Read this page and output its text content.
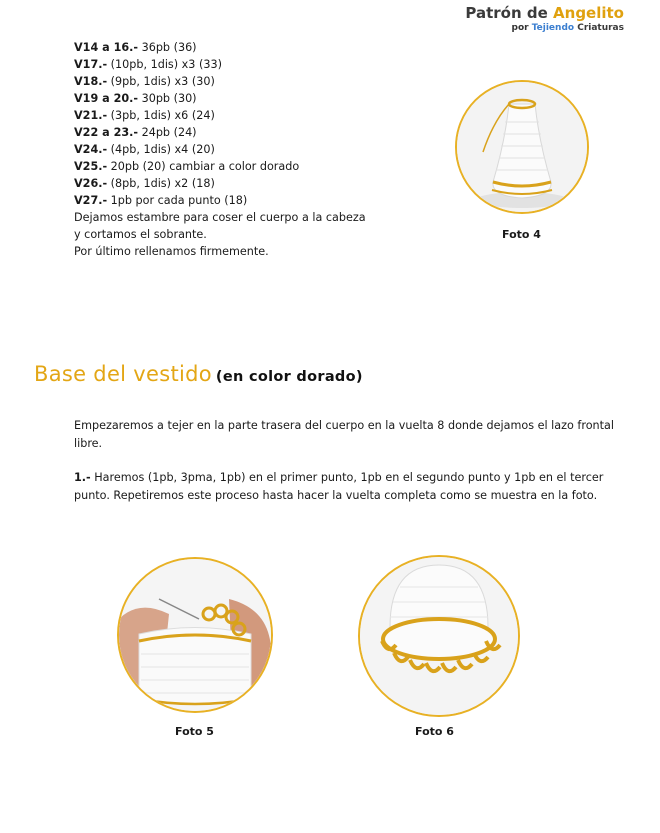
Patrón de Angelito
por Tejiendo Criaturas
V14 a 16.- 36pb (36)
V17.- (10pb, 1dis) x3 (33)
V18.- (9pb, 1dis) x3 (30)
V19 a 20.- 30pb (30)
V21.- (3pb, 1dis) x6 (24)
V22 a 23.- 24pb (24)
V24.- (4pb, 1dis) x4 (20)
V25.- 20pb (20) cambiar a color dorado
V26.- (8pb, 1dis) x2 (18)
V27.- 1pb por cada punto (18)
Dejamos estambre para coser el cuerpo a la cabeza
y cortamos el sobrante.
Por último rellenamos firmemente.
Foto 4
Base del vestido (en color dorado)
Empezaremos a tejer en la parte trasera del cuerpo en la vuelta 8 donde dejamos el lazo frontal libre.
1.- Haremos (1pb, 3pma, 1pb) en el primer punto, 1pb en el segundo punto y 1pb en el tercer punto. Repetiremos este proceso hasta hacer la vuelta completa como se muestra en la foto.
Foto 5	Foto 6
